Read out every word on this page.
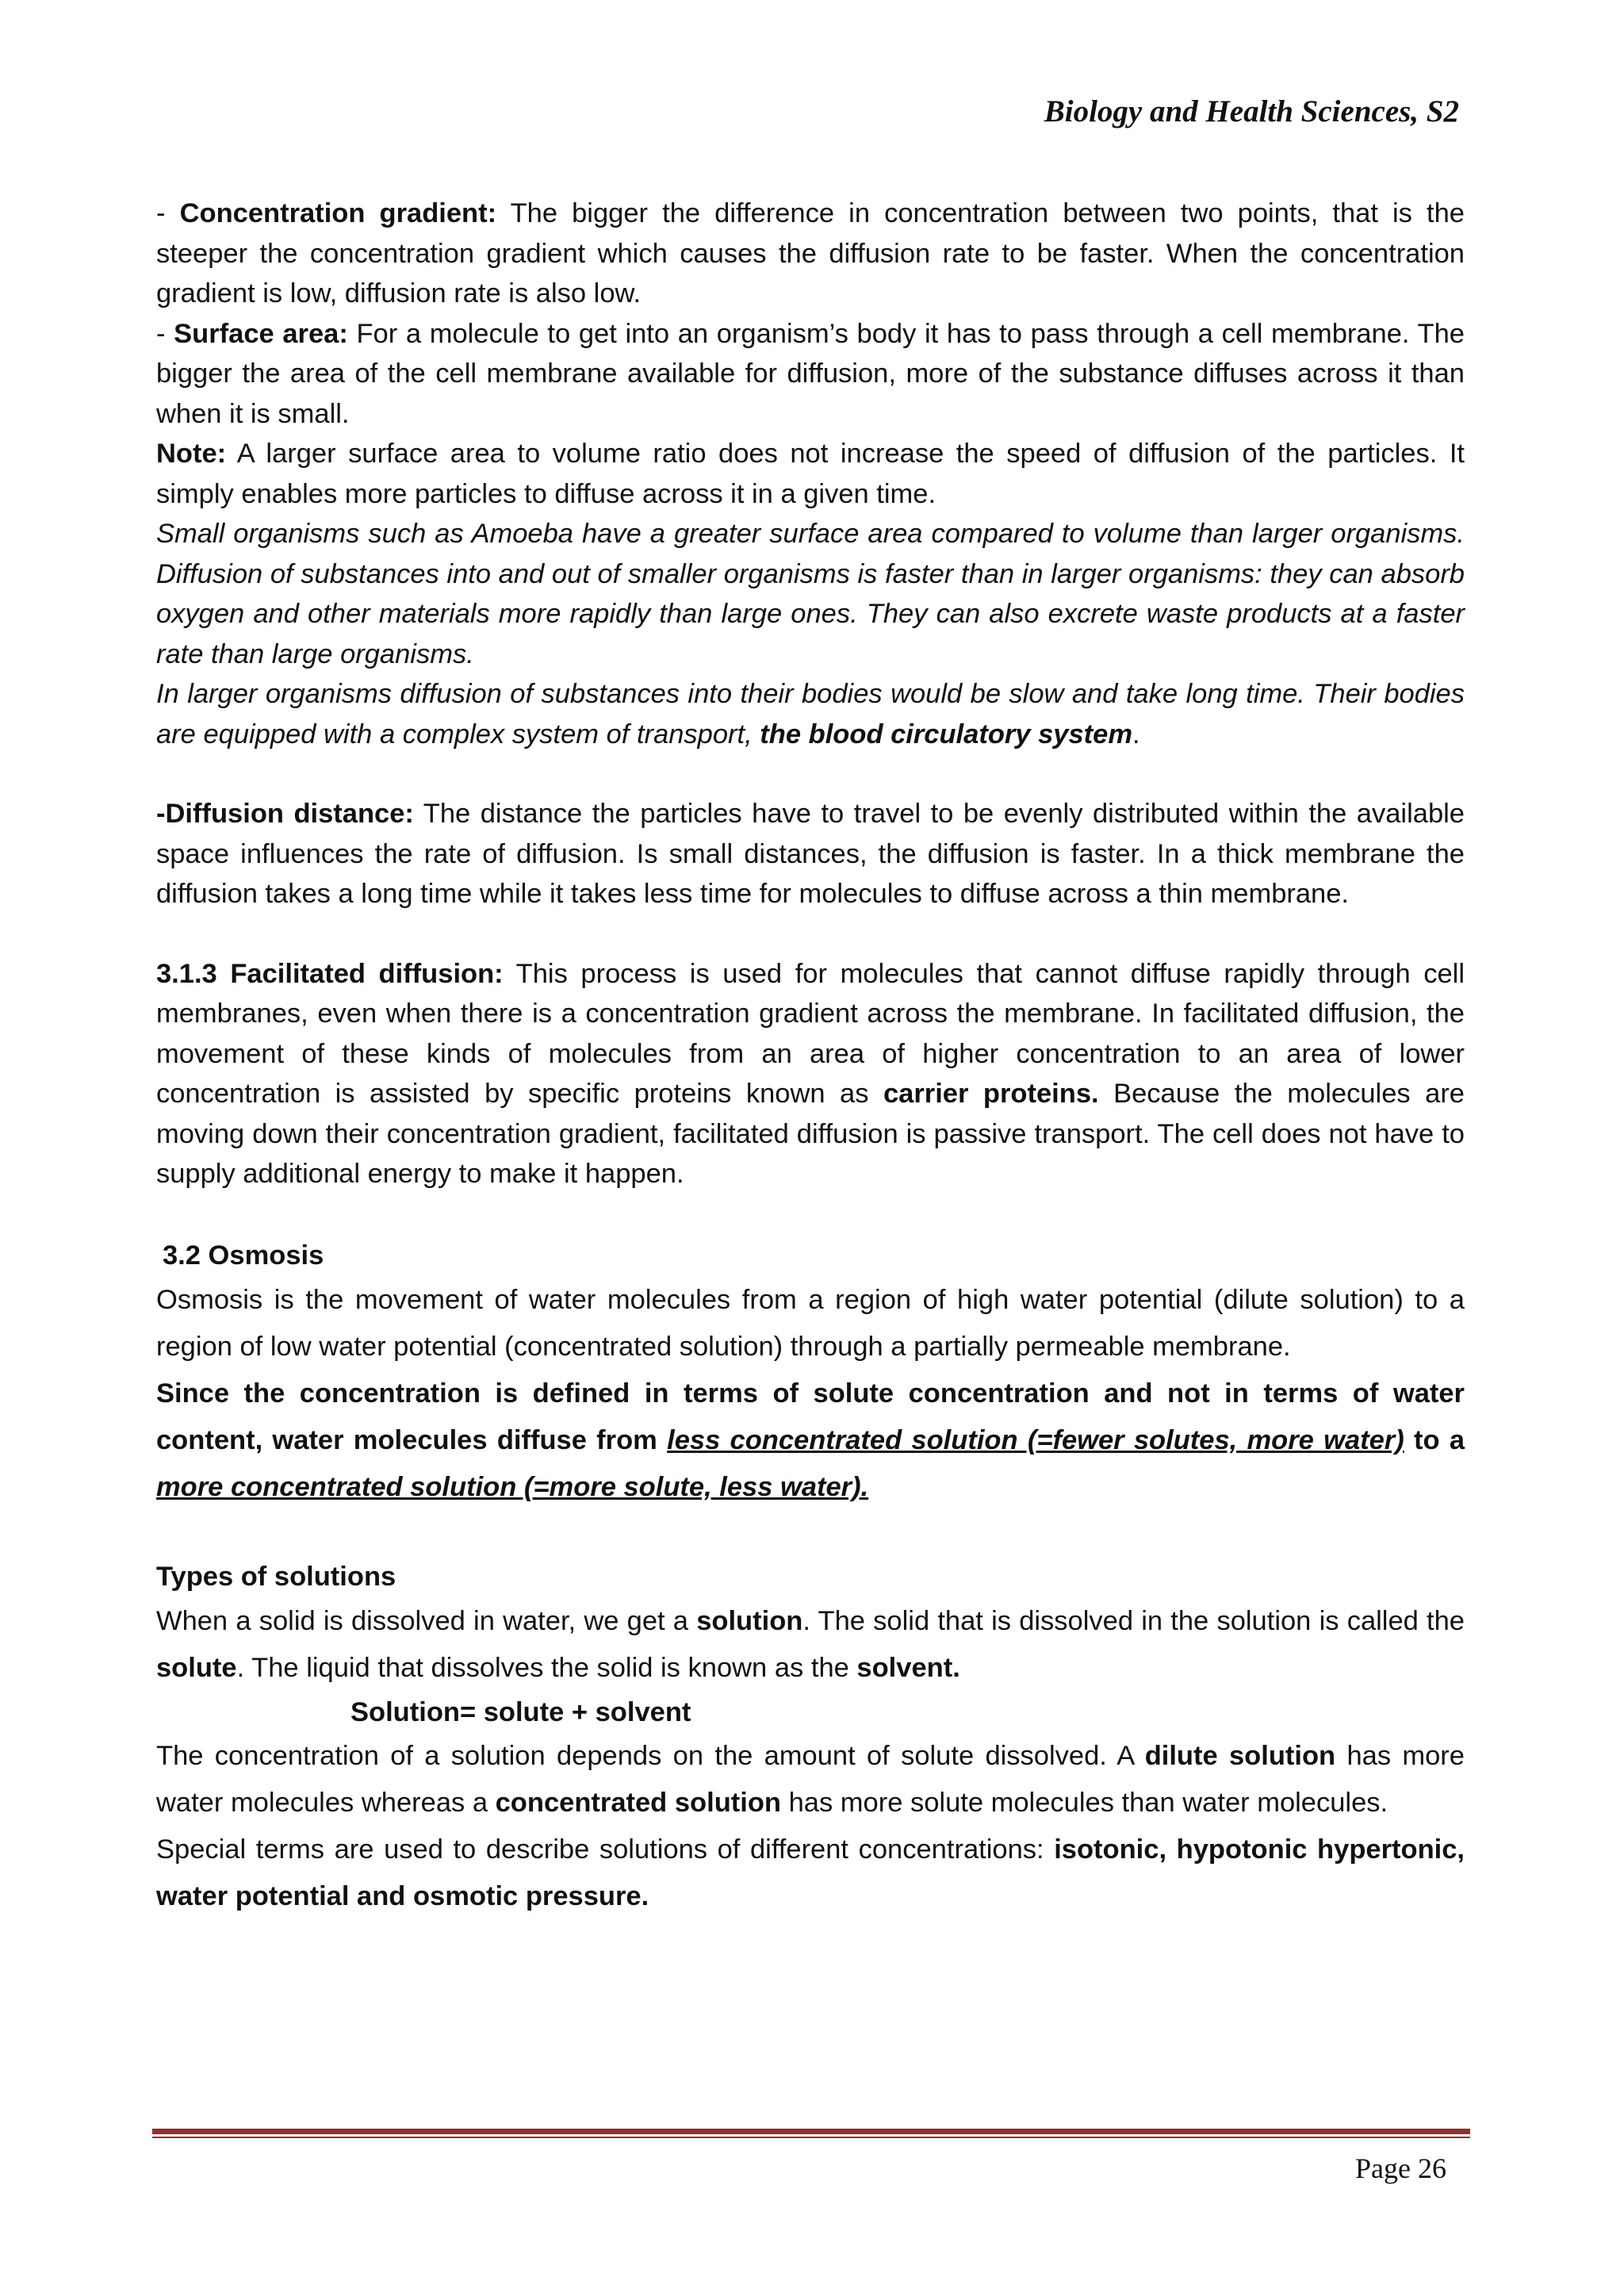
Biology and Health Sciences, S2

- Concentration gradient: The bigger the difference in concentration between two points, that is the steeper the concentration gradient which causes the diffusion rate to be faster. When the concentration gradient is low, diffusion rate is also low.

- Surface area: For a molecule to get into an organism’s body it has to pass through a cell membrane. The bigger the area of the cell membrane available for diffusion, more of the substance diffuses across it than when it is small.

Note: A larger surface area to volume ratio does not increase the speed of diffusion of the particles. It simply enables more particles to diffuse across it in a given time.

Small organisms such as Amoeba have a greater surface area compared to volume than larger organisms. Diffusion of substances into and out of smaller organisms is faster than in larger organisms: they can absorb oxygen and other materials more rapidly than large ones. They can also excrete waste products at a faster rate than large organisms.

In larger organisms diffusion of substances into their bodies would be slow and take long time. Their bodies are equipped with a complex system of transport, the blood circulatory system.

-Diffusion distance: The distance the particles have to travel to be evenly distributed within the available space influences the rate of diffusion. Is small distances, the diffusion is faster. In a thick membrane the diffusion takes a long time while it takes less time for molecules to diffuse across a thin membrane.

3.1.3 Facilitated diffusion: This process is used for molecules that cannot diffuse rapidly through cell membranes, even when there is a concentration gradient across the membrane. In facilitated diffusion, the movement of these kinds of molecules from an area of higher concentration to an area of lower concentration is assisted by specific proteins known as carrier proteins. Because the molecules are moving down their concentration gradient, facilitated diffusion is passive transport. The cell does not have to supply additional energy to make it happen.

3.2 Osmosis

Osmosis is the movement of water molecules from a region of high water potential (dilute solution) to a region of low water potential (concentrated solution) through a partially permeable membrane.

Since the concentration is defined in terms of solute concentration and not in terms of water content, water molecules diffuse from less concentrated solution (=fewer solutes, more water) to a more concentrated solution (=more solute, less water).

Types of solutions

When a solid is dissolved in water, we get a solution. The solid that is dissolved in the solution is called the solute. The liquid that dissolves the solid is known as the solvent.

Solution= solute + solvent

The concentration of a solution depends on the amount of solute dissolved. A dilute solution has more water molecules whereas a concentrated solution has more solute molecules than water molecules.

Special terms are used to describe solutions of different concentrations: isotonic, hypotonic hypertonic, water potential and osmotic pressure.

Page 26
